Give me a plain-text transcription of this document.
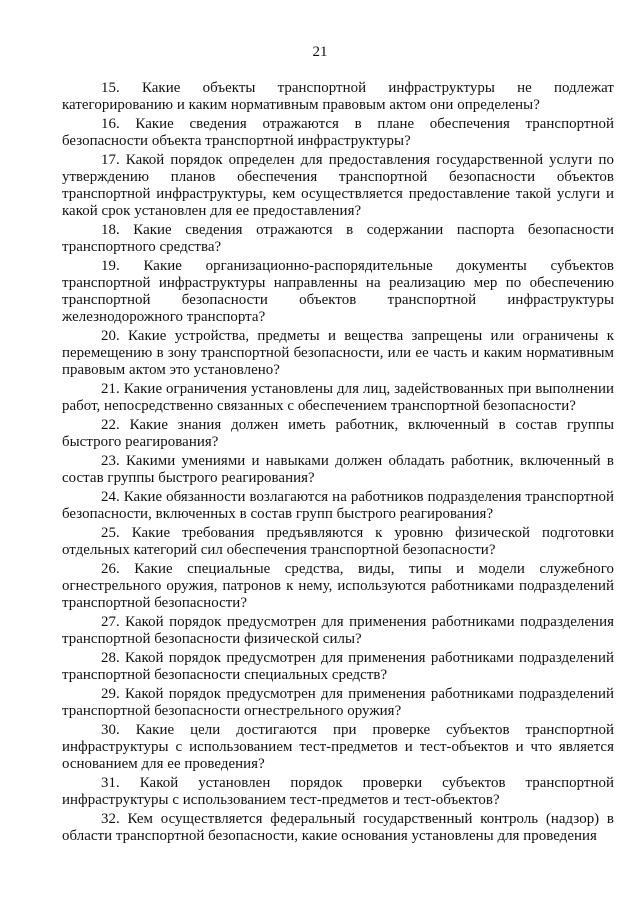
21

15. Какие объекты транспортной инфраструктуры не подлежат категорированию и каким нормативным правовым актом они определены?

16. Какие сведения отражаются в плане обеспечения транспортной безопасности объекта транспортной инфраструктуры?

17. Какой порядок определен для предоставления государственной услуги по утверждению планов обеспечения транспортной безопасности объектов транспортной инфраструктуры, кем осуществляется предоставление такой услуги и какой срок установлен для ее предоставления?

18. Какие сведения отражаются в содержании паспорта безопасности транспортного средства?

19. Какие организационно-распорядительные документы субъектов транспортной инфраструктуры направленны на реализацию мер по обеспечению транспортной безопасности объектов транспортной инфраструктуры железнодорожного транспорта?

20. Какие устройства, предметы и вещества запрещены или ограничены к перемещению в зону транспортной безопасности, или ее часть и каким нормативным правовым актом это установлено?

21. Какие ограничения установлены для лиц, задействованных при выполнении работ, непосредственно связанных с обеспечением транспортной безопасности?

22. Какие знания должен иметь работник, включенный в состав группы быстрого реагирования?

23. Какими умениями и навыками должен обладать работник, включенный в состав группы быстрого реагирования?

24. Какие обязанности возлагаются на работников подразделения транспортной безопасности, включенных в состав групп быстрого реагирования?

25. Какие требования предъявляются к уровню физической подготовки отдельных категорий сил обеспечения транспортной безопасности?

26. Какие специальные средства, виды, типы и модели служебного огнестрельного оружия, патронов к нему, используются работниками подразделений транспортной безопасности?

27. Какой порядок предусмотрен для применения работниками подразделения транспортной безопасности физической силы?

28. Какой порядок предусмотрен для применения работниками подразделений транспортной безопасности специальных средств?

29. Какой порядок предусмотрен для применения работниками подразделений транспортной безопасности огнестрельного оружия?

30. Какие цели достигаются при проверке субъектов транспортной инфраструктуры с использованием тест-предметов и тест-объектов и что является основанием для ее проведения?

31. Какой установлен порядок проверки субъектов транспортной инфраструктуры с использованием тест-предметов и тест-объектов?

32. Кем осуществляется федеральный государственный контроль (надзор) в области транспортной безопасности, какие основания установлены для проведения
